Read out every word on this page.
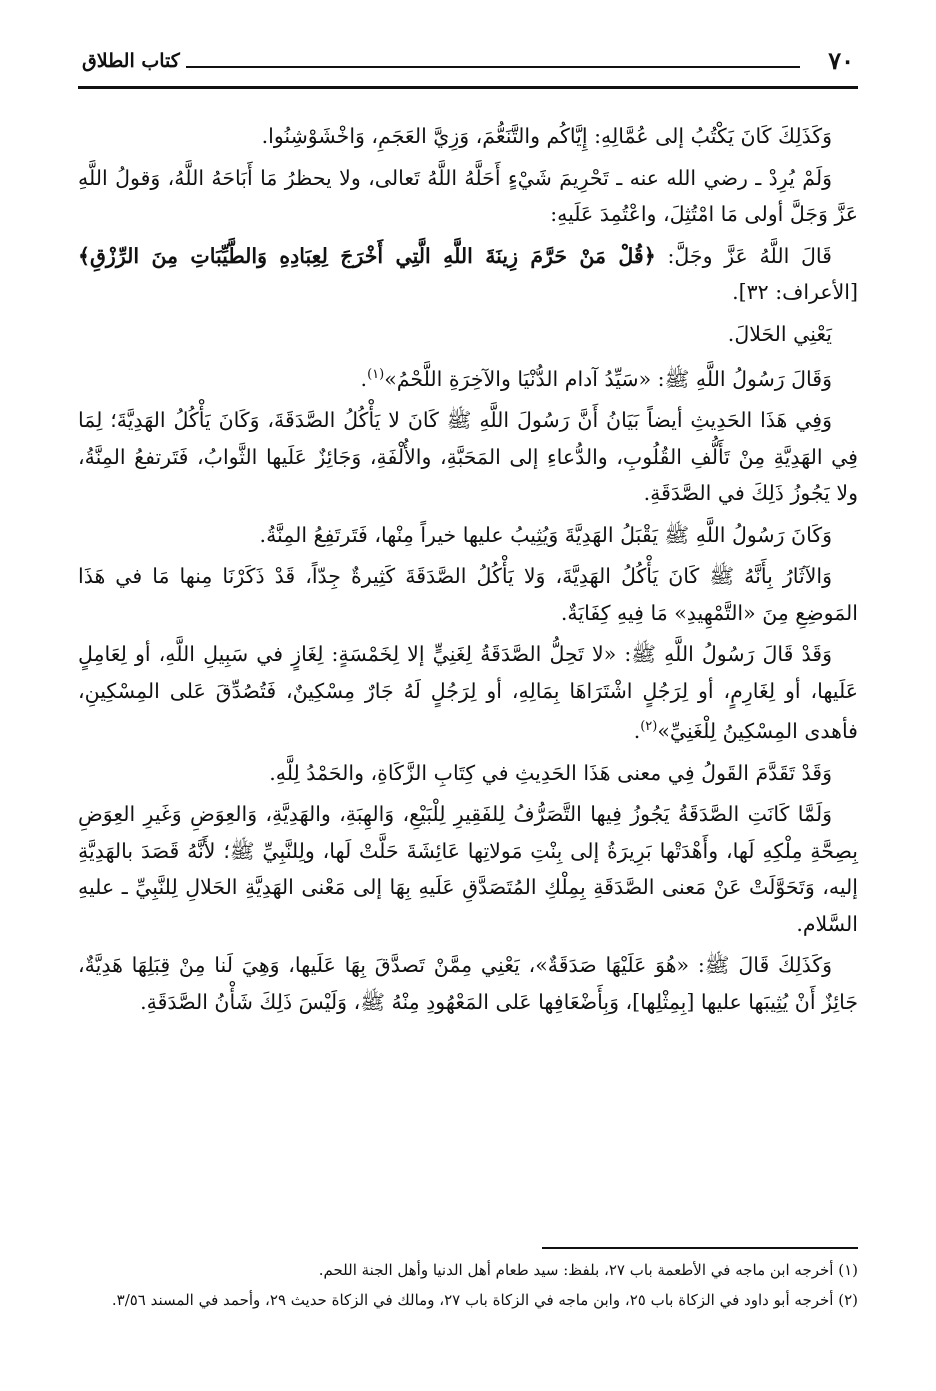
٧٠
كتاب الطلاق

وَكَذَلِكَ كَانَ يَكْتُبُ إلى عُمَّالِهِ: إِيَّاكُم والتَّنَعُّمَ، وَزِيَّ العَجَمِ، وَاخْشَوْشِنُوا.

وَلَمْ يُرِدْ ـ رضي الله عنه ـ تَحْرِيمَ شَيْءٍ أَحَلَّهُ اللَّهُ تَعالى، ولا يحظرُ مَا أَبَاحَهُ اللَّهُ، وَقولُ اللَّهِ عَزَّ وَجَلَّ أولى مَا امْتُثِلَ، واعْتُمِدَ عَلَيهِ:

قَالَ اللَّهُ عَزَّ وجَلَّ: ﴿قُلْ مَنْ حَرَّمَ زِينَةَ اللَّهِ الَّتِي أَخْرَجَ لِعِبَادِهِ وَالطَّيِّبَاتِ مِنَ الرِّزْقِ﴾ [الأعراف: ٣٢].

يَعْنِي الحَلالَ.

وَقَالَ رَسُولُ اللَّهِ ﷺ: «سَيِّدُ آدام الدُّنْيَا والآخِرَةِ اللَّحْمُ»$^{(١)}$.

وَفِي هَذَا الحَدِيثِ أيضاً بَيَانُ أَنَّ رَسُولَ اللَّهِ ﷺ كَانَ لا يَأْكُلُ الصَّدَقَةَ، وَكَانَ يَأْكُلُ الهَدِيَّةَ؛ لِمَا فِي الهَدِيَّةِ مِنْ تَأَلُّفِ القُلُوبِ، والدُّعاءِ إلى المَحَبَّةِ، والأُلْفَةِ، وَجَائِزٌ عَلَيها الثَّوابُ، فَتَرتفعُ المِنَّةُ، ولا يَجُوزُ ذَلِكَ في الصَّدَقَةِ.

وَكَانَ رَسُولُ اللَّهِ ﷺ يَقْبَلُ الهَدِيَّةَ وَيُثِيبُ عليها خيراً مِنْها، فَتَرتَفِعُ المِنَّةُ.

وَالآثَارُ بِأَنَّهُ ﷺ كَانَ يَأْكُلُ الهَدِيَّةَ، وَلا يَأْكُلُ الصَّدَقَةَ كَثِيرةٌ جِدّاً، قَدْ ذَكَرْنَا مِنها مَا في هَذَا المَوضِعِ مِنَ «التَّمْهِيدِ» مَا فِيهِ كِفَايَةٌ.

وَقَدْ قَالَ رَسُولُ اللَّهِ ﷺ: «لا تَحِلُّ الصَّدَقَةُ لِغَنِيٍّ إلا لِخَمْسَةٍ: لِغَازٍ في سَبِيلِ اللَّهِ، أو لِعَامِلٍ عَلَيها، أو لِغَارِمٍ، أو لِرَجُلٍ اشْتَرَاهَا بِمَالِهِ، أو لِرَجُلٍ لَهُ جَارٌ مِسْكِينٌ، فَتُصُدِّقَ عَلى المِسْكِينِ، فأهدى المِسْكِينُ لِلْغَنِيِّ»$^{(٢)}$.

وَقَدْ تَقَدَّمَ القَولُ فِي معنى هَذَا الحَدِيثِ في كِتَابِ الزَّكَاةِ، والحَمْدُ لِلَّهِ.

وَلَمَّا كَانَتِ الصَّدَقَةُ يَجُوزُ فِيها التَّصَرُّفُ لِلفَقِيرِ لِلْبَيْعِ، وَالهِبَةِ، والهَدِيَّةِ، وَالعِوَضِ وَغَيرِ العِوَضِ بِصِحَّةِ مِلْكِهِ لَها، وأَهْدَتْها بَرِيرَةُ إلى بِنْتِ مَولاتِها عَائِشَةَ حَلَّتْ لَها، ولِلنَّبِيِّ ﷺ؛ لأَنَّهُ قَصَدَ بالهَدِيَّةِ إليه، وَتَحَوَّلَتْ عَنْ مَعنى الصَّدَقَةِ بِمِلْكِ المُتَصَدَّقِ عَلَيهِ بِهَا إلى مَعْنى الهَدِيَّةِ الحَلالِ لِلنَّبِيِّ ـ عليهِ السَّلام.

وَكَذَلِكَ قَالَ ﷺ: «هُوَ عَلَيْهَا صَدَقَةٌ»، يَعْنِي مِمَّنْ تَصدَّقَ بِهَا عَلَيها، وَهِيَ لَنا مِنْ قِبَلِهَا هَدِيَّةٌ، جَائِزٌ أَنْ يُثِيبَها عليها [بِمِثْلِها]، وَبِأَضْعَافِها عَلى المَعْهُودِ مِنْهُ ﷺ، وَلَيْسَ ذَلِكَ شَأْنُ الصَّدَقَةِ.

(١) أخرجه ابن ماجه في الأطعمة باب ٢٧، بلفظ: سيد طعام أهل الدنيا وأهل الجنة اللحم.

(٢) أخرجه أبو داود في الزكاة باب ٢٥، وابن ماجه في الزكاة باب ٢٧، ومالك في الزكاة حديث ٢٩، وأحمد في المسند ٣/٥٦.
